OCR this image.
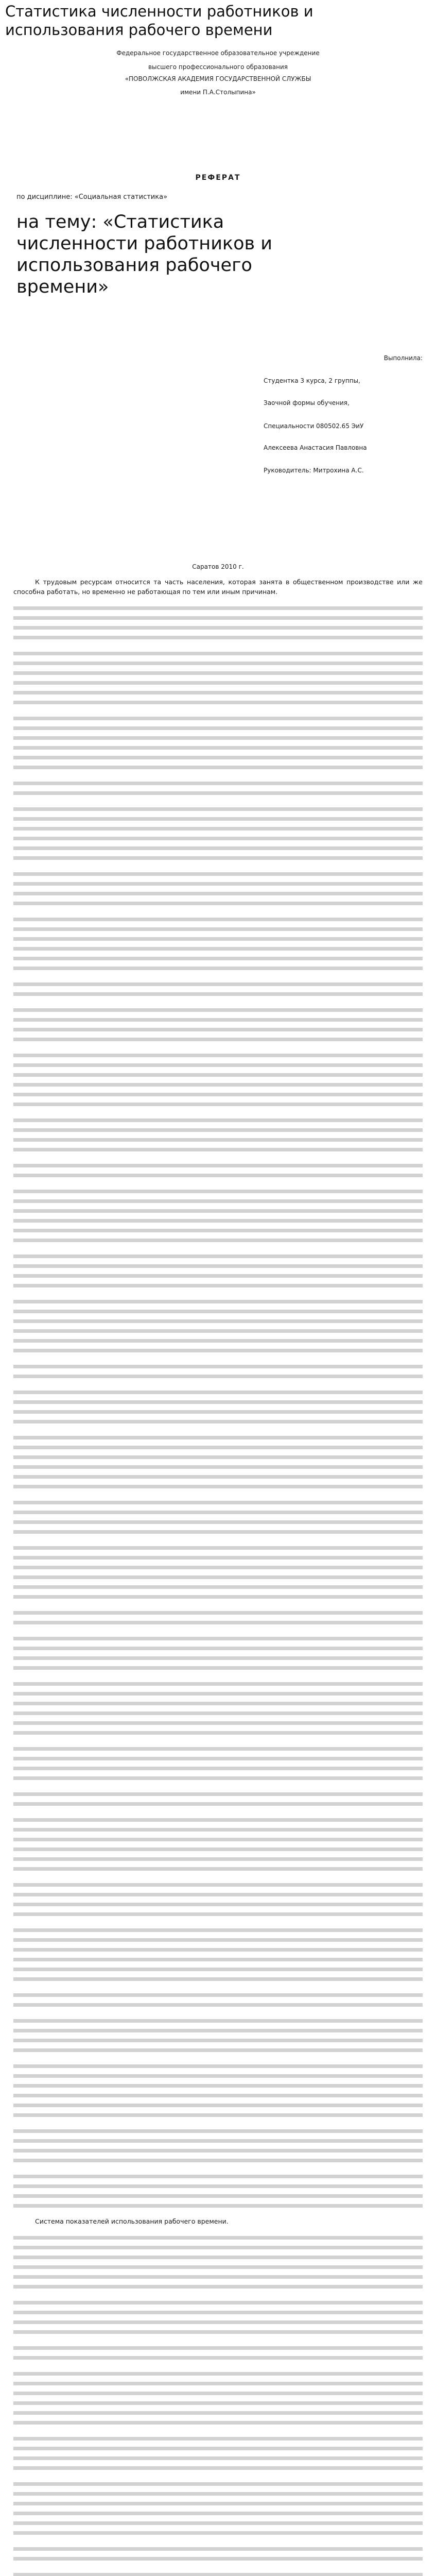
Статистика численности работников и использования рабочего времени
Федеральное государственное образовательное учреждение
высшего профессионального образования
«ПОВОЛЖСКАЯ АКАДЕМИЯ ГОСУДАРСТВЕННОЙ СЛУЖБЫ
имени П.А.Столыпина»
РЕФЕРАТ
по дисциплине: «Социальная статистика»
на тему: «Статистика численности работников и использования рабочего времени»
Выполнила:
Студентка 3 курса, 2 группы,
Заочной формы обучения,
Специальности 080502.65 ЭиУ
Алексеева Анастасия Павловна
Руководитель: Митрохина А.С.
Саратов 2010 г.

К трудовым ресурсам относится та часть населения, которая занята в общественном производстве или же способна работать, но временно не работающая по тем или иным причинам.

Система показателей использования рабочего времени.
